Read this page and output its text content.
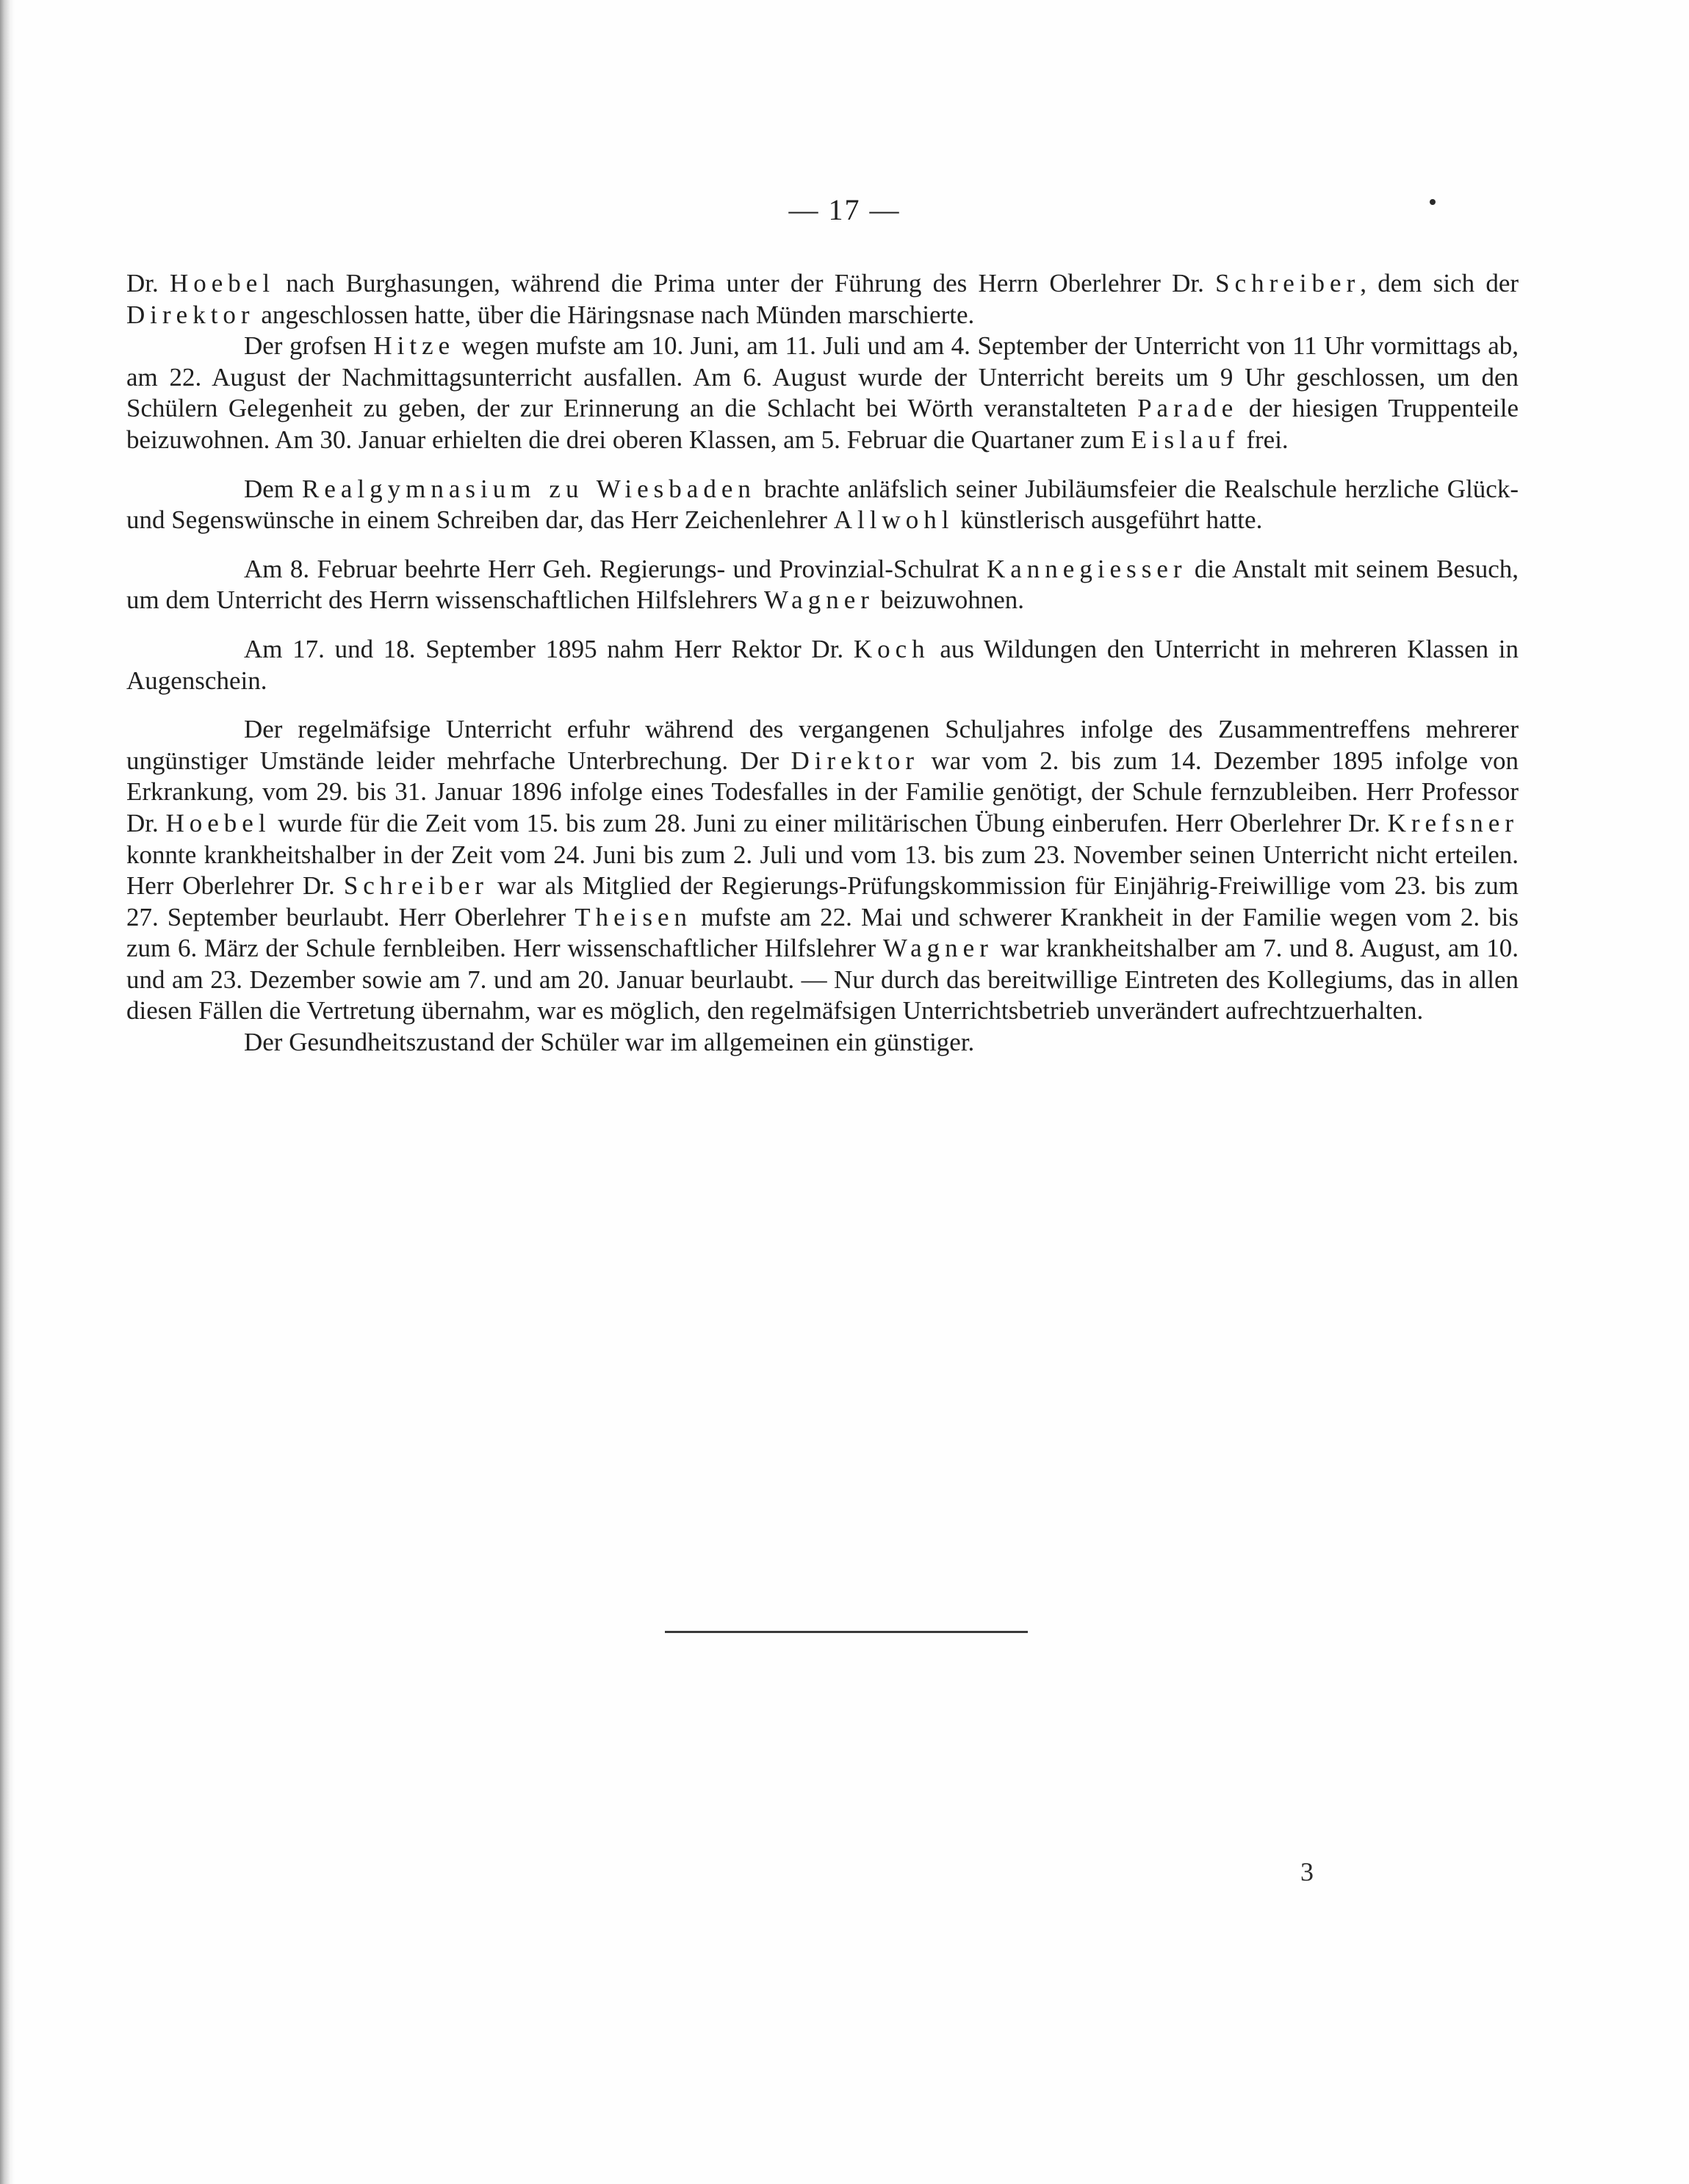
— 17 —

Dr. Hoebel nach Burghasungen, während die Prima unter der Führung des Herrn Oberlehrer Dr. Schreiber, dem sich der Direktor angeschlossen hatte, über die Häringsnase nach Münden marschierte.

Der grofsen Hitze wegen mufste am 10. Juni, am 11. Juli und am 4. September der Unterricht von 11 Uhr vormittags ab, am 22. August der Nachmittagsunterricht ausfallen. Am 6. August wurde der Unterricht bereits um 9 Uhr geschlossen, um den Schülern Gelegenheit zu geben, der zur Erinnerung an die Schlacht bei Wörth veranstalteten Parade der hiesigen Truppenteile beizuwohnen. Am 30. Januar erhielten die drei oberen Klassen, am 5. Februar die Quartaner zum Eislauf frei.

Dem Realgymnasium zu Wiesbaden brachte anläfslich seiner Jubiläumsfeier die Realschule herzliche Glück- und Segenswünsche in einem Schreiben dar, das Herr Zeichenlehrer Allwohl künstlerisch ausgeführt hatte.

Am 8. Februar beehrte Herr Geh. Regierungs- und Provinzial-Schulrat Kannegiesser die Anstalt mit seinem Besuch, um dem Unterricht des Herrn wissenschaftlichen Hilfslehrers Wagner beizuwohnen.

Am 17. und 18. September 1895 nahm Herr Rektor Dr. Koch aus Wildungen den Unterricht in mehreren Klassen in Augenschein.

Der regelmäfsige Unterricht erfuhr während des vergangenen Schuljahres infolge des Zusammentreffens mehrerer ungünstiger Umstände leider mehrfache Unterbrechung. Der Direktor war vom 2. bis zum 14. Dezember 1895 infolge von Erkrankung, vom 29. bis 31. Januar 1896 infolge eines Todesfalles in der Familie genötigt, der Schule fernzubleiben. Herr Professor Dr. Hoebel wurde für die Zeit vom 15. bis zum 28. Juni zu einer militärischen Übung einberufen. Herr Oberlehrer Dr. Krefsner konnte krankheitshalber in der Zeit vom 24. Juni bis zum 2. Juli und vom 13. bis zum 23. November seinen Unterricht nicht erteilen. Herr Oberlehrer Dr. Schreiber war als Mitglied der Regierungs-Prüfungskommission für Einjährig-Freiwillige vom 23. bis zum 27. September beurlaubt. Herr Oberlehrer Theisen mufste am 22. Mai und schwerer Krankheit in der Familie wegen vom 2. bis zum 6. März der Schule fernbleiben. Herr wissenschaftlicher Hilfslehrer Wagner war krankheitshalber am 7. und 8. August, am 10. und am 23. Dezember sowie am 7. und am 20. Januar beurlaubt. — Nur durch das bereitwillige Eintreten des Kollegiums, das in allen diesen Fällen die Vertretung übernahm, war es möglich, den regelmäfsigen Unterrichtsbetrieb unverändert aufrechtzuerhalten.

Der Gesundheitszustand der Schüler war im allgemeinen ein günstiger.

3
